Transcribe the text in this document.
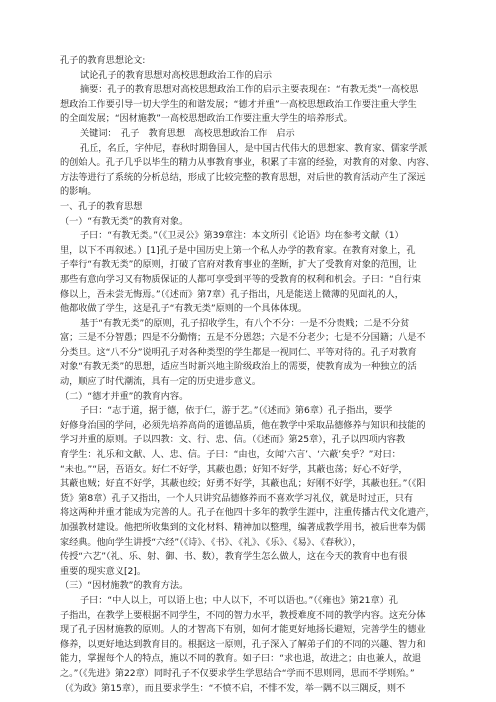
孔子的教育思想论文:
试论孔子的教育思想对高校思想政治工作的启示
摘要：孔子的教育思想对高校思想政治工作的启示主要表现在：“有教无类”一高校思
想政治工作要引导一切大学生的和谐发展；“德才并重”一高校思想政治工作要注重大学生
的全面发展；“因材施教”一高校思想政治工作要注重大学生的培养形式。
关键词：　孔子　教育思想　高校思想政治工作　启示
孔丘，名丘，字仲尼，春秋时期鲁国人，是中国古代伟大的思想家、教育家、儒家学派
的创始人。孔子几乎以毕生的精力从事教育事业，积累了丰富的经验，对教育的对象、内容、
方法等进行了系统的分析总结，形成了比较完整的教育思想，对后世的教育活动产生了深远
的影响。
一、孔子的教育思想
（一）“有教无类”的教育对象。
子曰：“有教无类。”（《卫灵公》第39章注：本文所引《论语》均在参考文献（1）
里，以下不再叙述。）[1]孔子是中国历史上第一个私人办学的教育家。在教育对象上，孔
子奉行“有教无类”的原则，打破了官府对教育事业的垄断，扩大了受教育对象的范围，让
那些有意向学习又有物质保证的人都可享受到平等的受教育的权利和机会。子曰：“自行束
修以上，吾未尝无悔焉。”（《述而》第7章）孔子指出，凡是能送上微薄的见面礼的人，
他都收做了学生，这是孔子“有教无类”原则的一个具体体现。
基于“有教无类”的原则，孔子招收学生，有八个不分：一是不分贵贱；二是不分贫
富；三是不分智愚；四是不分勤惰；五是不分恩怨；六是不分老少；七是不分国籍；八是不
分类旦。这“八不分”说明孔子对各种类型的学生都是一视同仁、平等对待的。孔子对教育
对象“有教无类”的思想，适应当时新兴地主阶级政治上的需要，使教育成为一种独立的活
动，顺应了时代潮流，具有一定的历史进步意义。
（二）“德才并重”的教育内容。
子曰：“志于道，据于德，依于仁，游于艺。”（《述而》第6章）孔子指出，要学
好修身治国的学问，必须先培养高尚的道德品质，他在教学中采取品德修养与知识和技能的
学习并重的原则。子以四教：文、行、忠、信。（《述而》第25章），孔子以四项内容教
育学生：礼乐和文献、人、忠、信。子曰：“由也，女闻‘六言’、‘六蔽’矣乎？”对曰：
“未也。”“居，吾语女。好仁不好学，其蔽也愚；好知不好学，其蔽也荡；好心不好学，
其蔽也贼；好直不好学，其蔽也绞；好勇不好学，其蔽也乱；好刚不好学，其蔽也狂。”（《阳
货》第8章）孔子又指出，一个人只讲究品德修养而不喜欢学习礼仪，就是时过正，只有
将这两种并重才能成为完善的人。孔子在他四十多年的教学生涯中，注重传播古代文化遗产，
加强教材建设。他把所收集到的文化材料、精神加以整理，编著成教学用书，被后世奉为儒
家经典。他向学生讲授“六经”（《诗》、《书》、《礼》、《乐》、《易》、《春秋》），
传授“六艺”（礼、乐、射、御、书、数），教育学生怎么做人，这在今天的教育中也有很
重要的现实意义[2]。
（三）“因材施教”的教育方法。
子曰：“中人以上，可以语上也；中人以下，不可以语也。”（《雍也》第21章）孔
子指出，在教学上要根据不同学生，不同的智力水平，教授难度不同的教学内容。这充分体
现了孔子因材施教的原则。人的才智高下有别，如何才能更好地扬长避短，完善学生的德业
修养，以更好地达到教育目的。根据这一原则，孔子深入了解弟子们的不同的兴趣、智力和
能力，掌握每个人的特点，施以不同的教育。如子曰：“求也退，故进之；由也兼人，故退
之。”（《先进》第22章）同时孔子不仅要求学生学思结合“学而不思则罔，思而不学则殆。”
（《为政》第15章），而且要求学生：“不愤不启，不悱不发，举一隅不以三隅反，则不
